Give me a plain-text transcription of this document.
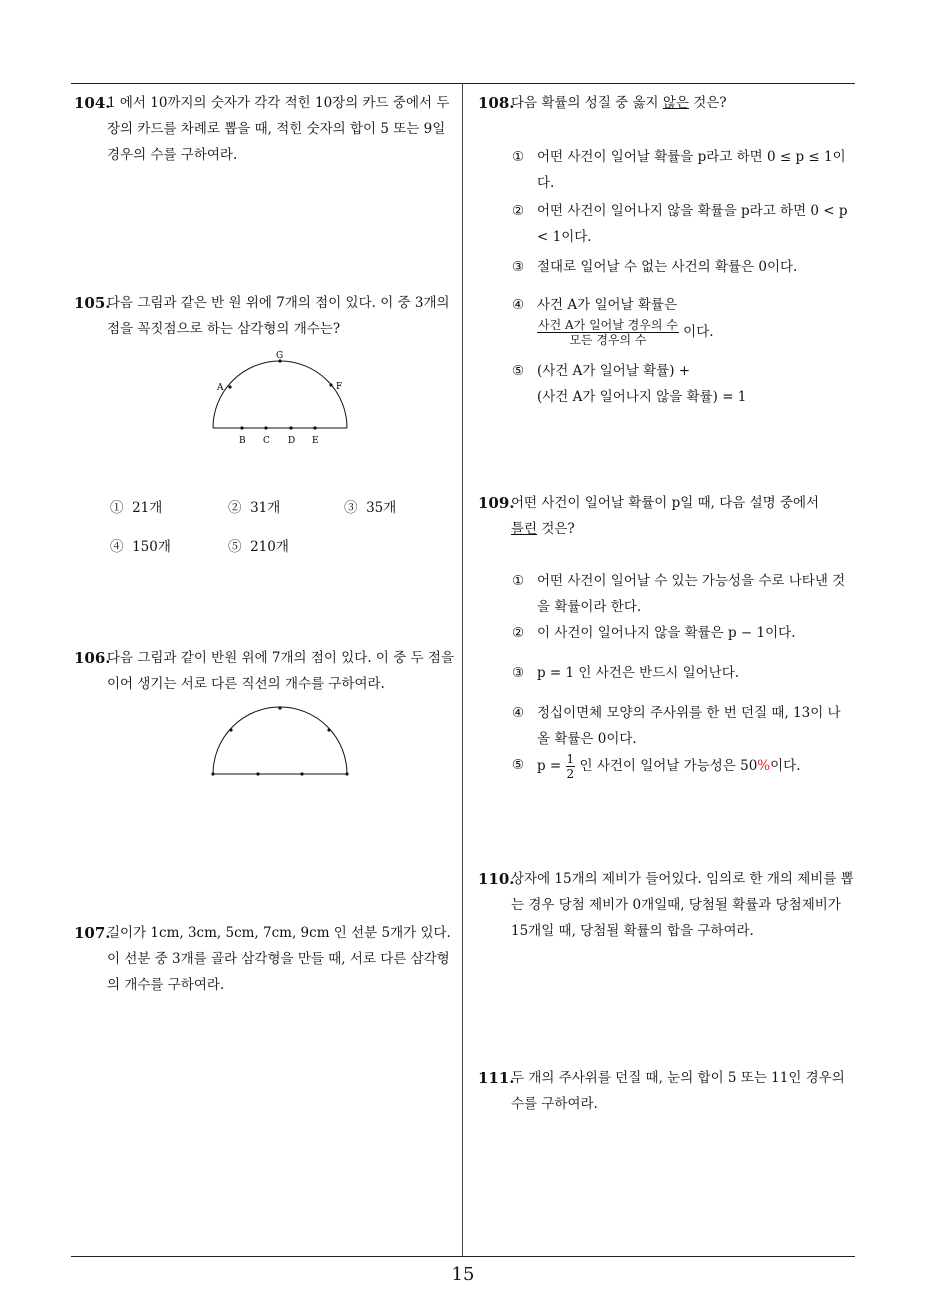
104.
1 에서 10까지의 숫자가 각각 적힌 10장의 카드 중에서 두 장의 카드를 차례로 뽑을 때, 적힌 숫자의 합이 5 또는 9일 경우의 수를 구하여라.
105.
다음 그림과 같은 반 원 위에 7개의 점이 있다. 이 중 3개의 점을 꼭짓점으로 하는 삼각형의 개수는?
A
G
F
B C D E
① 21개	② 31개	③ 35개
④ 150개	⑤ 210개
106.
다음 그림과 같이 반원 위에 7개의 점이 있다. 이 중 두 점을 이어 생기는 서로 다른 직선의 개수를 구하여라.
107.
길이가 1cm, 3cm, 5cm, 7cm, 9cm 인 선분 5개가 있다. 이 선분 중 3개를 골라 삼각형을 만들 때, 서로 다른 삼각형의 개수를 구하여라.
108.
다음 확률의 성질 중 옳지 않은 것은?
① 어떤 사건이 일어날 확률을 p라고 하면 0 ≤ p ≤ 1이다.
② 어떤 사건이 일어나지 않을 확률을 p라고 하면 0 < p < 1이다.
③ 절대로 일어날 수 없는 사건의 확률은 0이다.
④ 사건 A가 일어날 확률은

$\frac{\text{사건 A가 일어날 경우의 수}}{\text{모든 경우의 수}}$ 이다.
⑤ (사건 A가 일어날 확률) +
(사건 A가 일어나지 않을 확률) = 1
109.
어떤 사건이 일어날 확률이 p일 때, 다음 설명 중에서
틀린 것은?
① 어떤 사건이 일어날 수 있는 가능성을 수로 나타낸 것을 확률이라 한다.
② 이 사건이 일어나지 않을 확률은 p − 1이다.
③ p = 1 인 사건은 반드시 일어난다.
④ 정십이면체 모양의 주사위를 한 번 던질 때, 13이 나올 확률은 0이다.
⑤ $p = \frac{1}{2}$ 인 사건이 일어날 가능성은 50%이다.
110.
상자에 15개의 제비가 들어있다. 임의로 한 개의 제비를 뽑는 경우 당첨 제비가 0개일때, 당첨될 확률과 당첨제비가 15개일 때, 당첨될 확률의 합을 구하여라.
111.
두 개의 주사위를 던질 때, 눈의 합이 5 또는 11인 경우의 수를 구하여라.
15
